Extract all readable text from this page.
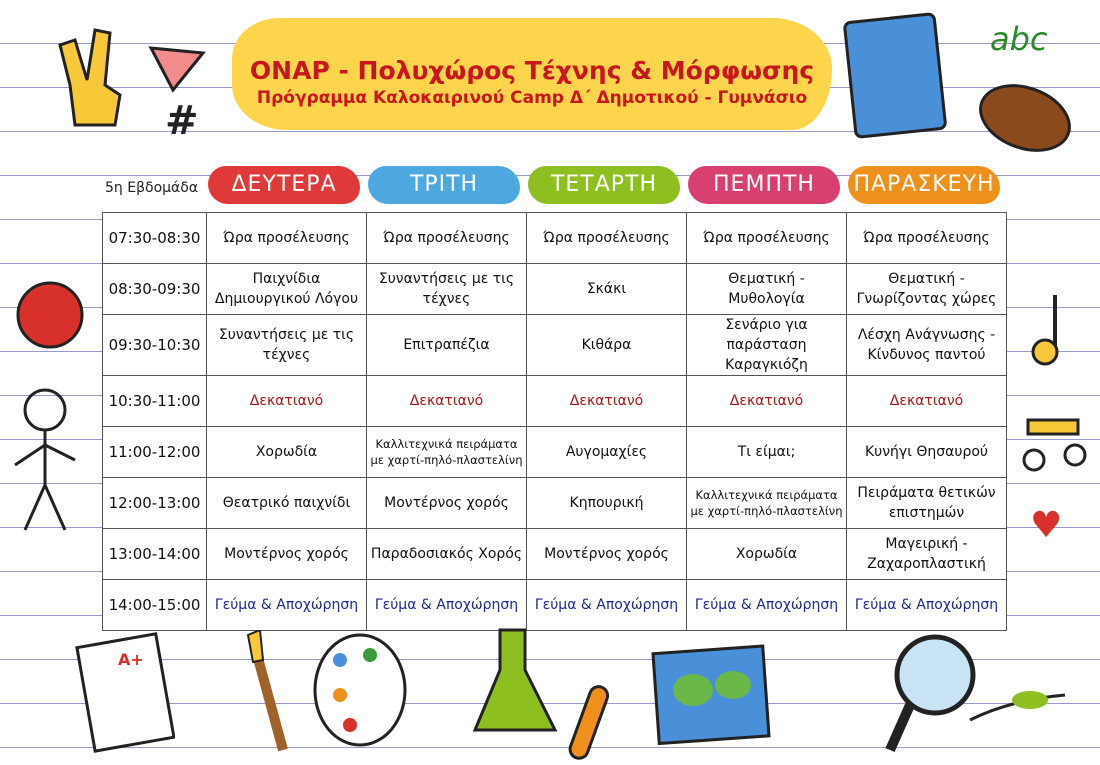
ONAP - Πολυχώρος Τέχνης & Μόρφωσης
Πρόγραμμα Καλοκαιρινού Camp Δ΄ Δημοτικού - Γυμνάσιο
5η Εβδομάδα	ΔΕΥΤΕΡΑ	ΤΡΙΤΗ	ΤΕΤΑΡΤΗ	ΠΕΜΠΤΗ	ΠΑΡΑΣΚΕΥΗ
07:30-08:30	Ώρα προσέλευσης	Ώρα προσέλευσης	Ώρα προσέλευσης	Ώρα προσέλευσης	Ώρα προσέλευσης
08:30-09:30	Παιχνίδια Δημιουργικού Λόγου	Συναντήσεις με τις τέχνες	Σκάκι	Θεματική - Μυθολογία	Θεματική - Γνωρίζοντας χώρες
09:30-10:30	Συναντήσεις με τις τέχνες	Επιτραπέζια	Κιθάρα	Σενάριο για παράσταση Καραγκιόζη	Λέσχη Ανάγνωσης - Κίνδυνος παντού
10:30-11:00	Δεκατιανό	Δεκατιανό	Δεκατιανό	Δεκατιανό	Δεκατιανό
11:00-12:00	Χορωδία	Καλλιτεχνικά πειράματα με χαρτί-πηλό-πλαστελίνη	Αυγομαχίες	Τι είμαι;	Κυνήγι Θησαυρού
12:00-13:00	Θεατρικό παιχνίδι	Μοντέρνος χορός	Κηπουρική	Καλλιτεχνικά πειράματα με χαρτί-πηλό-πλαστελίνη	Πειράματα θετικών επιστημών
13:00-14:00	Μοντέρνος χορός	Παραδοσιακός Χορός	Μοντέρνος χορός	Χορωδία	Μαγειρική - Ζαχαροπλαστική
14:00-15:00	Γεύμα & Αποχώρηση	Γεύμα & Αποχώρηση	Γεύμα & Αποχώρηση	Γεύμα & Αποχώρηση	Γεύμα & Αποχώρηση
#
abc
♥
A+
